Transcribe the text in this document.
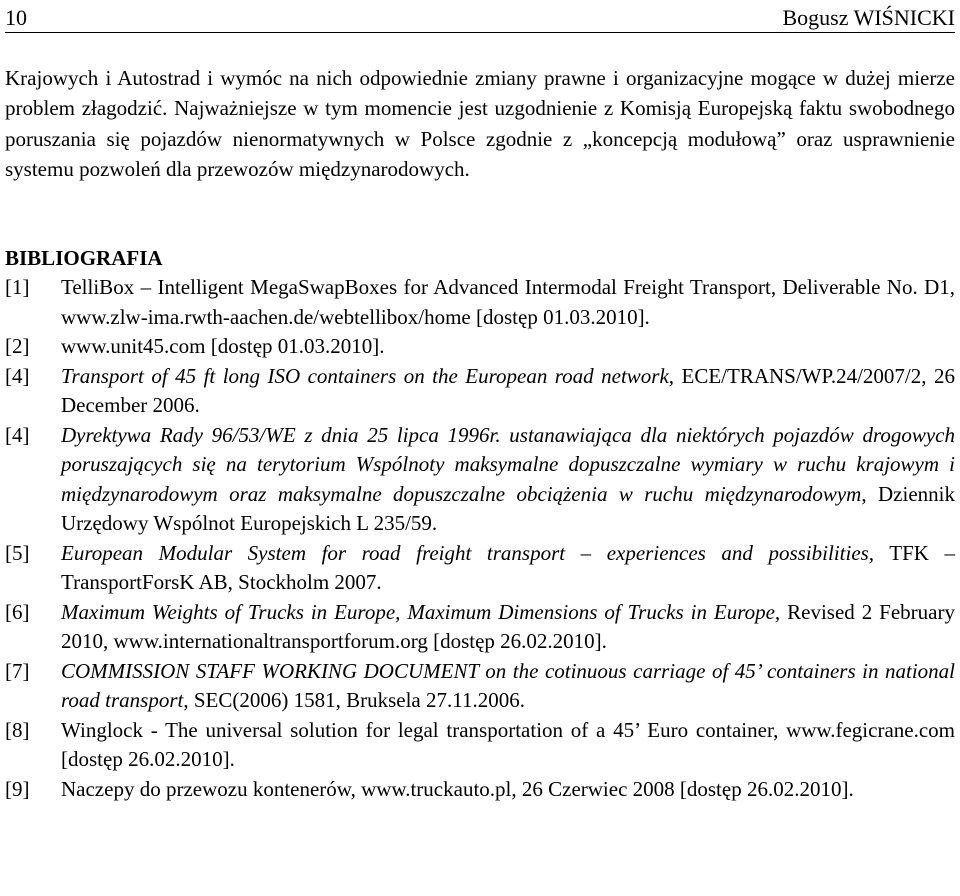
10	Bogusz WIŚNICKI

Krajowych i Autostrad i wymóc na nich odpowiednie zmiany prawne i organizacyjne mogące w dużej mierze problem złagodzić. Najważniejsze w tym momencie jest uzgodnienie z Komisją Europejską faktu swobodnego poruszania się pojazdów nienormatywnych w Polsce zgodnie z „koncepcją modułową” oraz usprawnienie systemu pozwoleń dla przewozów międzynarodowych.

BIBLIOGRAFIA
[1] TelliBox – Intelligent MegaSwapBoxes for Advanced Intermodal Freight Transport, Deliverable No. D1, www.zlw-ima.rwth-aachen.de/webtellibox/home [dostęp 01.03.2010].
[2] www.unit45.com [dostęp 01.03.2010].
[4] Transport of 45 ft long ISO containers on the European road network, ECE/TRANS/WP.24/2007/2, 26 December 2006.
[4] Dyrektywa Rady 96/53/WE z dnia 25 lipca 1996r. ustanawiająca dla niektórych pojazdów drogowych poruszających się na terytorium Wspólnoty maksymalne dopuszczalne wymiary w ruchu krajowym i międzynarodowym oraz maksymalne dopuszczalne obciążenia w ruchu międzynarodowym, Dziennik Urzędowy Wspólnot Europejskich L 235/59.
[5] European Modular System for road freight transport – experiences and possibilities, TFK – TransportForsK AB, Stockholm 2007.
[6] Maximum Weights of Trucks in Europe, Maximum Dimensions of Trucks in Europe, Revised 2 February 2010, www.internationaltransportforum.org [dostęp 26.02.2010].
[7] COMMISSION STAFF WORKING DOCUMENT on the cotinuous carriage of 45’ containers in national road transport, SEC(2006) 1581, Bruksela 27.11.2006.
[8] Winglock - The universal solution for legal transportation of a 45’ Euro container, www.fegicrane.com [dostęp 26.02.2010].
[9] Naczepy do przewozu kontenerów, www.truckauto.pl, 26 Czerwiec 2008 [dostęp 26.02.2010].
